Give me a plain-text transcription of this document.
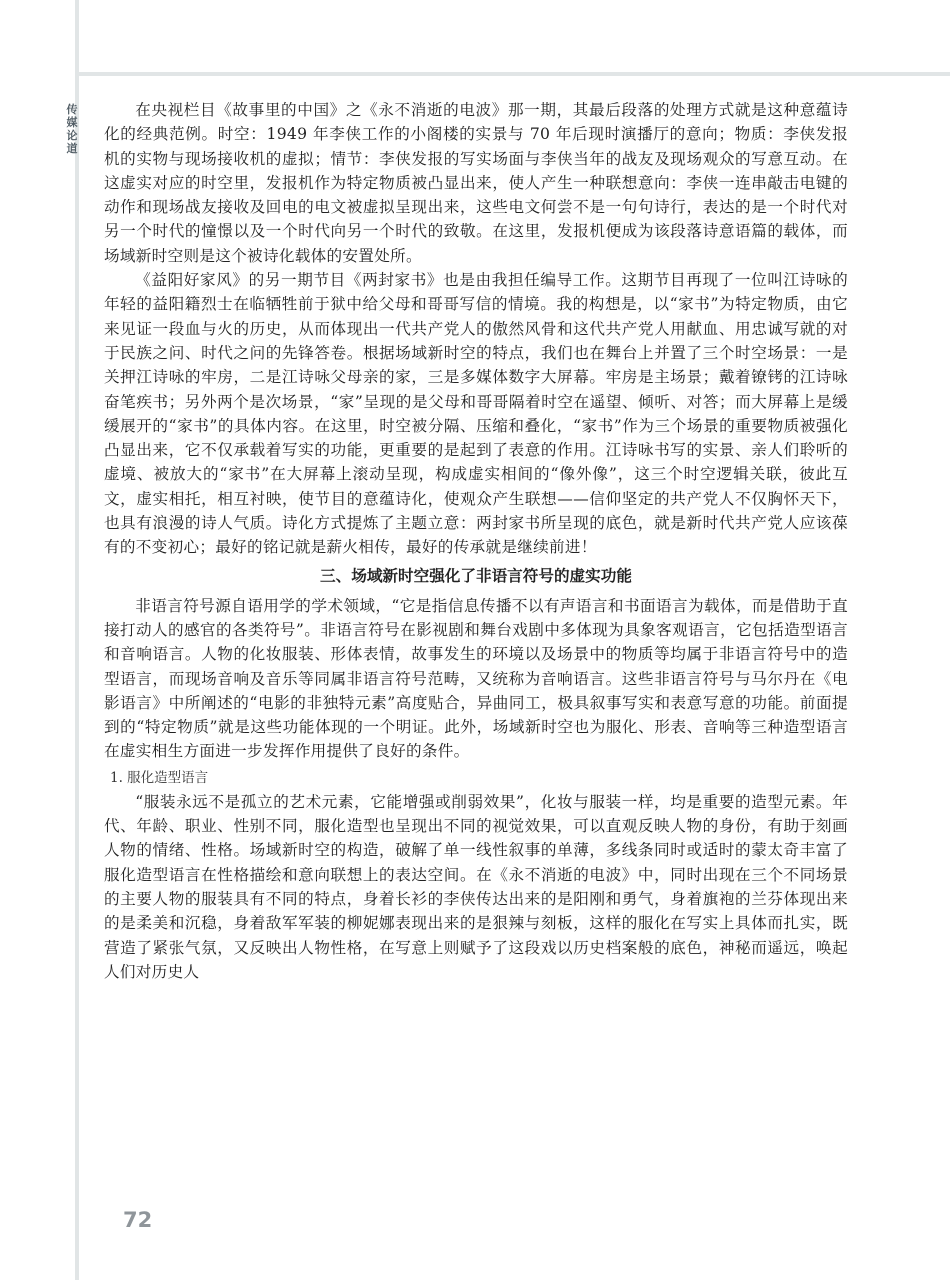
传媒论道

在央视栏目《故事里的中国》之《永不消逝的电波》那一期，其最后段落的处理方式就是这种意蕴诗化的经典范例。时空：1949 年李侠工作的小阁楼的实景与 70 年后现时演播厅的意向；物质：李侠发报机的实物与现场接收机的虚拟；情节：李侠发报的写实场面与李侠当年的战友及现场观众的写意互动。在这虚实对应的时空里，发报机作为特定物质被凸显出来，使人产生一种联想意向：李侠一连串敲击电键的动作和现场战友接收及回电的电文被虚拟呈现出来，这些电文何尝不是一句句诗行，表达的是一个时代对另一个时代的憧憬以及一个时代向另一个时代的致敬。在这里，发报机便成为该段落诗意语篇的载体，而场域新时空则是这个被诗化载体的安置处所。

《益阳好家风》的另一期节目《两封家书》也是由我担任编导工作。这期节目再现了一位叫江诗咏的年轻的益阳籍烈士在临牺牲前于狱中给父母和哥哥写信的情境。我的构想是，以“家书”为特定物质，由它来见证一段血与火的历史，从而体现出一代共产党人的傲然风骨和这代共产党人用献血、用忠诚写就的对于民族之问、时代之问的先锋答卷。根据场域新时空的特点，我们也在舞台上并置了三个时空场景：一是关押江诗咏的牢房，二是江诗咏父母亲的家，三是多媒体数字大屏幕。牢房是主场景；戴着镣铐的江诗咏奋笔疾书；另外两个是次场景，“家”呈现的是父母和哥哥隔着时空在遥望、倾听、对答；而大屏幕上是缓缓展开的“家书”的具体内容。在这里，时空被分隔、压缩和叠化，“家书”作为三个场景的重要物质被强化凸显出来，它不仅承载着写实的功能，更重要的是起到了表意的作用。江诗咏书写的实景、亲人们聆听的虚境、被放大的“家书”在大屏幕上滚动呈现，构成虚实相间的“像外像”，这三个时空逻辑关联，彼此互文，虚实相托，相互衬映，使节目的意蕴诗化，使观众产生联想——信仰坚定的共产党人不仅胸怀天下，也具有浪漫的诗人气质。诗化方式提炼了主题立意：两封家书所呈现的底色，就是新时代共产党人应该葆有的不变初心；最好的铭记就是薪火相传，最好的传承就是继续前进！

三、场域新时空强化了非语言符号的虚实功能

非语言符号源自语用学的学术领域，“它是指信息传播不以有声语言和书面语言为载体，而是借助于直接打动人的感官的各类符号”。非语言符号在影视剧和舞台戏剧中多体现为具象客观语言，它包括造型语言和音响语言。人物的化妆服装、形体表情，故事发生的环境以及场景中的物质等均属于非语言符号中的造型语言，而现场音响及音乐等同属非语言符号范畴，又统称为音响语言。这些非语言符号与马尔丹在《电影语言》中所阐述的“电影的非独特元素”高度贴合，异曲同工，极具叙事写实和表意写意的功能。前面提到的“特定物质”就是这些功能体现的一个明证。此外，场域新时空也为服化、形表、音响等三种造型语言在虚实相生方面进一步发挥作用提供了良好的条件。

1. 服化造型语言

“服装永远不是孤立的艺术元素，它能增强或削弱效果”，化妆与服装一样，均是重要的造型元素。年代、年龄、职业、性别不同，服化造型也呈现出不同的视觉效果，可以直观反映人物的身份，有助于刻画人物的情绪、性格。场域新时空的构造，破解了单一线性叙事的单薄，多线条同时或适时的蒙太奇丰富了服化造型语言在性格描绘和意向联想上的表达空间。在《永不消逝的电波》中，同时出现在三个不同场景的主要人物的服装具有不同的特点，身着长衫的李侠传达出来的是阳刚和勇气，身着旗袍的兰芬体现出来的是柔美和沉稳，身着敌军军装的柳妮娜表现出来的是狠辣与刻板，这样的服化在写实上具体而扎实，既营造了紧张气氛，又反映出人物性格，在写意上则赋予了这段戏以历史档案般的底色，神秘而遥远，唤起人们对历史人

72
